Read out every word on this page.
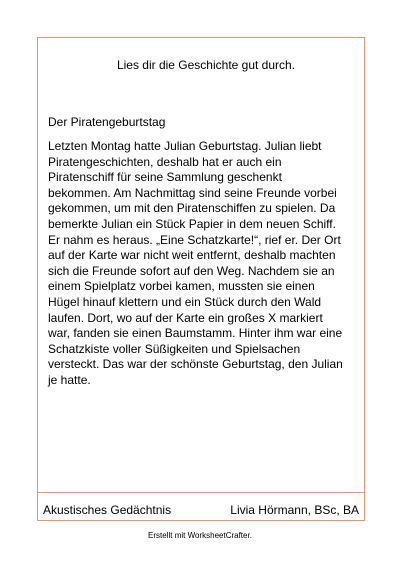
Lies dir die Geschichte gut durch.
Der Piratengeburtstag
Letzten Montag hatte Julian Geburtstag. Julian liebt
Piratengeschichten, deshalb hat er auch ein
Piratenschiff für seine Sammlung geschenkt
bekommen. Am Nachmittag sind seine Freunde vorbei
gekommen, um mit den Piratenschiffen zu spielen. Da
bemerkte Julian ein Stück Papier in dem neuen Schiff.
Er nahm es heraus. „Eine Schatzkarte!“, rief er. Der Ort
auf der Karte war nicht weit entfernt, deshalb machten
sich die Freunde sofort auf den Weg. Nachdem sie an
einem Spielplatz vorbei kamen, mussten sie einen
Hügel hinauf klettern und ein Stück durch den Wald
laufen. Dort, wo auf der Karte ein großes X markiert
war, fanden sie einen Baumstamm. Hinter ihm war eine
Schatzkiste voller Süßigkeiten und Spielsachen
versteckt. Das war der schönste Geburtstag, den Julian
je hatte.
Akustisches Gedächtnis	Livia Hörmann, BSc, BA
Erstellt mit WorksheetCrafter.
